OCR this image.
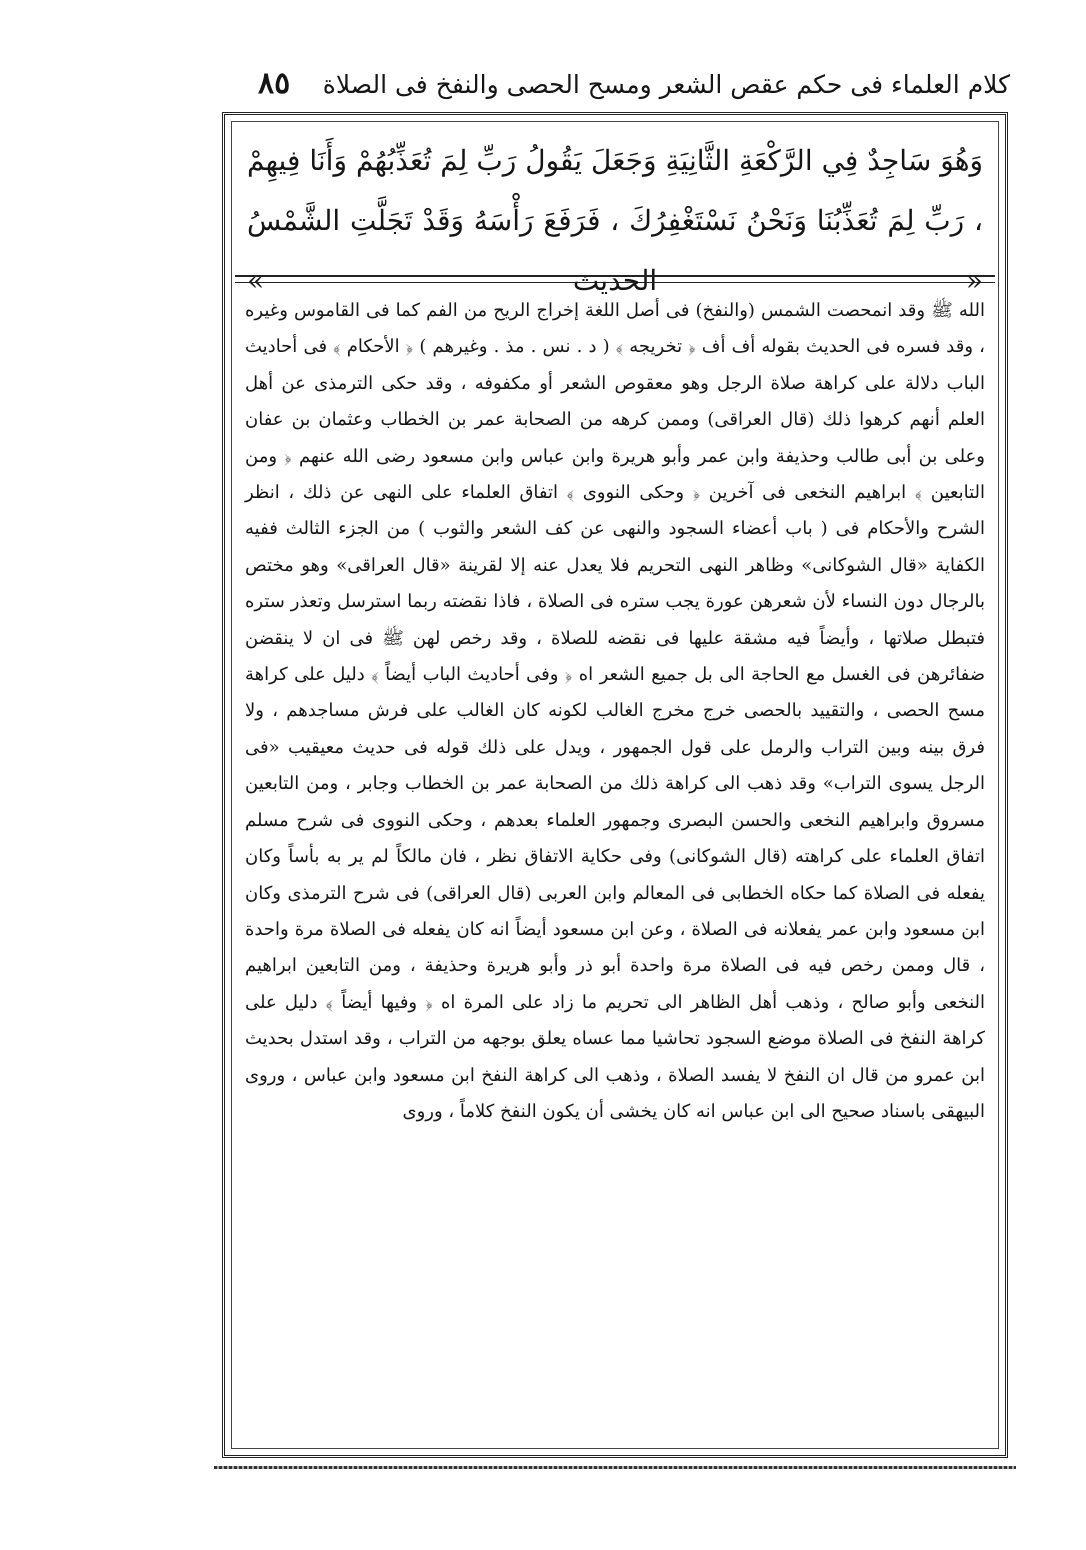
كلام العلماء فى حكم عقص الشعر ومسح الحصى والنفخ فى الصلاة
٨٥
وَهُوَ سَاجِدٌ فِي الرَّكْعَةِ الثَّانِيَةِ وَجَعَلَ يَقُولُ رَبِّ لِمَ تُعَذِّبُهُمْ وَأَنَا فِيهِمْ ، رَبِّ لِمَ تُعَذِّبُنَا وَنَحْنُ نَسْتَغْفِرُكَ ، فَرَفَعَ رَأْسَهُ وَقَدْ تَجَلَّتِ الشَّمْسُ « الحديث »

الله ﷺ وقد انمحصت الشمس (والنفخ) فى أصل اللغة إخراج الريح من الفم كما فى القاموس وغيره ، وقد فسره فى الحديث بقوله أف أف ﴿ تخريجه ﴾ ( د . نس . مذ . وغيرهم ) ﴿ الأحكام ﴾ فى أحاديث الباب دلالة على كراهة صلاة الرجل وهو معقوص الشعر أو مكفوفه ، وقد حكى الترمذى عن أهل العلم أنهم كرهوا ذلك (قال العراقى) وممن كرهه من الصحابة عمر بن الخطاب وعثمان بن عفان وعلى بن أبى طالب وحذيفة وابن عمر وأبو هريرة وابن عباس وابن مسعود رضى الله عنهم ﴿ ومن التابعين ﴾ ابراهيم النخعى فى آخرين ﴿ وحكى النووى ﴾ اتفاق العلماء على النهى عن ذلك ، انظر الشرح والأحكام فى ( باب أعضاء السجود والنهى عن كف الشعر والثوب ) من الجزء الثالث ففيه الكفاية «قال الشوكانى» وظاهر النهى التحريم فلا يعدل عنه إلا لقرينة «قال العراقى» وهو مختص بالرجال دون النساء لأن شعرهن عورة يجب ستره فى الصلاة ، فاذا نقضته ربما استرسل وتعذر ستره فتبطل صلاتها ، وأيضاً فيه مشقة عليها فى نقضه للصلاة ، وقد رخص لهن ﷺ فى ان لا ينقضن ضفائرهن فى الغسل مع الحاجة الى بل جميع الشعر اه ﴿ وفى أحاديث الباب أيضاً ﴾ دليل على كراهة مسح الحصى ، والتقييد بالحصى خرج مخرج الغالب لكونه كان الغالب على فرش مساجدهم ، ولا فرق بينه وبين التراب والرمل على قول الجمهور ، ويدل على ذلك قوله فى حديث معيقيب «فى الرجل يسوى التراب» وقد ذهب الى كراهة ذلك من الصحابة عمر بن الخطاب وجابر ، ومن التابعين مسروق وابراهيم النخعى والحسن البصرى وجمهور العلماء بعدهم ، وحكى النووى فى شرح مسلم اتفاق العلماء على كراهته (قال الشوكانى) وفى حكاية الاتفاق نظر ، فان مالكاً لم ير به بأساً وكان يفعله فى الصلاة كما حكاه الخطابى فى المعالم وابن العربى (قال العراقى) فى شرح الترمذى وكان ابن مسعود وابن عمر يفعلانه فى الصلاة ، وعن ابن مسعود أيضاً انه كان يفعله فى الصلاة مرة واحدة ، قال وممن رخص فيه فى الصلاة مرة واحدة أبو ذر وأبو هريرة وحذيفة ، ومن التابعين ابراهيم النخعى وأبو صالح ، وذهب أهل الظاهر الى تحريم ما زاد على المرة اه ﴿ وفيها أيضاً ﴾ دليل على كراهة النفخ فى الصلاة موضع السجود تحاشيا مما عساه يعلق بوجهه من التراب ، وقد استدل بحديث ابن عمرو من قال ان النفخ لا يفسد الصلاة ، وذهب الى كراهة النفخ ابن مسعود وابن عباس ، وروى البيهقى باسناد صحيح الى ابن عباس انه كان يخشى أن يكون النفخ كلاماً ، وروى
